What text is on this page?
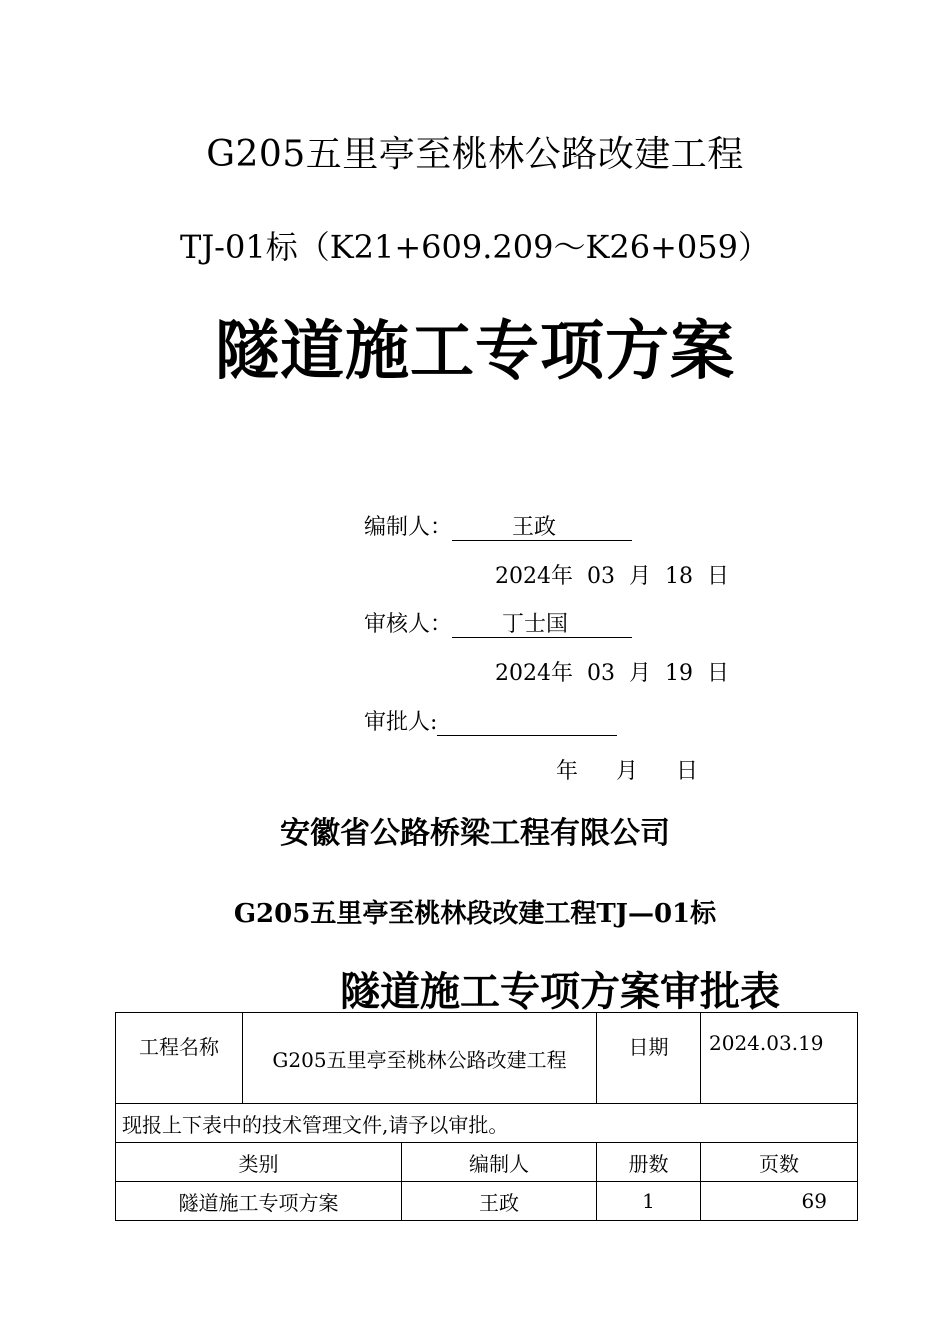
G205五里亭至桃林公路改建工程
TJ-01标（K21+609.209～K26+059）
隧道施工专项方案
编制人：	王政
2024年 03 月 18 日
审核人： 丁士国
2024年 03 月 19 日
审批人:
年 月 日
安徽省公路桥梁工程有限公司
G205五里亭至桃林段改建工程TJ—01标
隧道施工专项方案审批表
工程名称	G205五里亭至桃林公路改建工程		日期	2024.03.19
现报上下表中的技术管理文件,请予以审批。				
类别		编制人	册数	页数
隧道施工专项方案		王政	1	69
